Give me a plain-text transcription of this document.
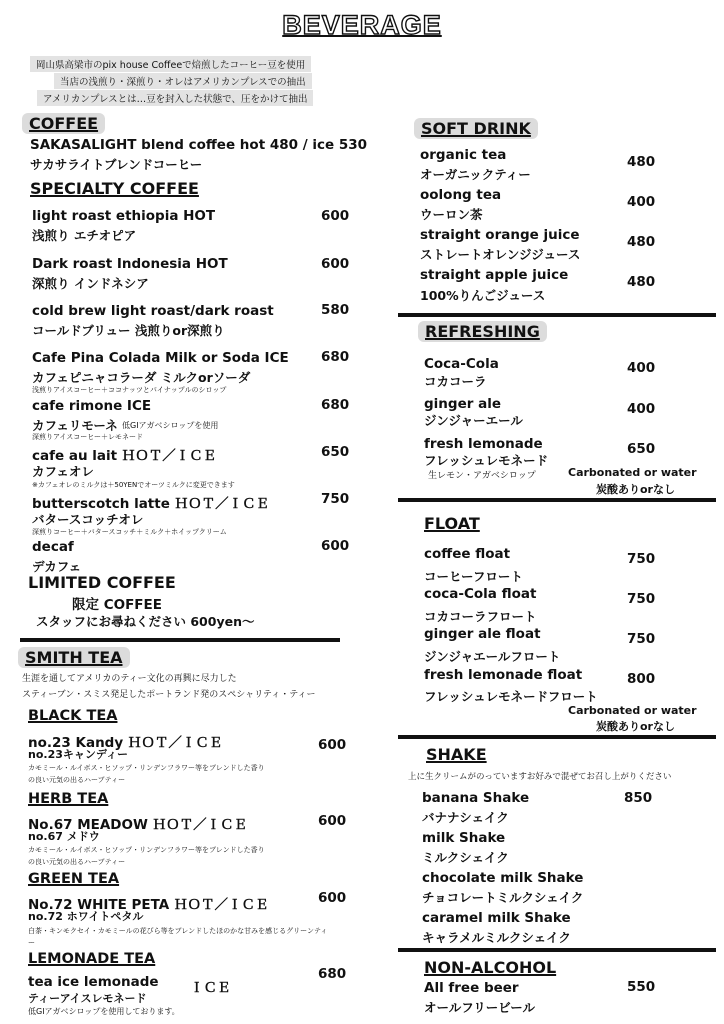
BEVERAGE
岡山県高梁市のpix house Coffeeで焙煎したコーヒー豆を使用
当店の浅煎り・深煎り・オレはアメリカンプレスでの抽出
アメリカンプレスとは…豆を封入した状態で、圧をかけて抽出
COFFEE
SAKASALIGHT blend coffee hot 480 / ice 530
サカサライトブレンドコーヒー
SPECIALTY COFFEE
light roast ethiopia HOT
浅煎り エチオピア
600
Dark roast Indonesia HOT
深煎り インドネシア
600
cold brew light roast/dark roast
コールドブリュー 浅煎りor深煎り
580
Cafe Pina Colada Milk or Soda ICE
カフェピニャコラーダ ミルクorソーダ
浅煎りアイスコーヒー＋ココナッツとパイナップルのシロップ
680
cafe rimone ICE
カフェリモーネ 低GIアガベシロップを使用
深煎りアイスコーヒー＋レモネード
680
cafe au lait ＨＯＴ／ＩＣＥ
カフェオレ
※カフェオレのミルクは＋50YENでオーツミルクに変更できます
650
butterscotch latte ＨＯＴ／ＩＣＥ
バタースコッチオレ
深煎りコーヒー＋バタースコッチ＋ミルク＋ホイップクリーム
750
decaf
デカフェ
600
LIMITED COFFEE
限定 COFFEE
スタッフにお尋ねください 600yen〜
SMITH TEA
生涯を通してアメリカのティー文化の再興に尽力した
スティーブン・スミス発足したポートランド発のスペシャリティ・ティー
BLACK TEA
no.23 Kandy ＨＯＴ／ＩＣＥ
no.23キャンディー
カモミール・ルイボス・ヒソップ・リンデンフラワー等をブレンドした香り
の良い元気の出るハーブティー
600
HERB TEA
No.67 MEADOW ＨＯＴ／ＩＣＥ
no.67 メドウ
カモミール・ルイボス・ヒソップ・リンデンフラワー等をブレンドした香り
の良い元気の出るハーブティー
600
GREEN TEA
No.72 WHITE PETA ＨＯＴ／ＩＣＥ
no.72 ホワイトペタル
白茶・キンモクセイ・カモミールの花びら等をブレンドしたほのかな甘みを感じるグリーンティ
ー
600
LEMONADE TEA
tea ice lemonade ＩＣＥ
ティーアイスレモネード
低GIアガベシロップを使用しております。
680
SOFT DRINK
organic tea
オーガニックティー
480
oolong tea
ウーロン茶
400
straight orange juice
ストレートオレンジジュース
480
straight apple juice
100%りんごジュース
480
REFRESHING
Coca-Cola
コカコーラ
400
ginger ale
ジンジャーエール
400
fresh lemonade
フレッシュレモネード
650
生レモン・アガベシロップ	Carbonated or water
炭酸ありorなし
FLOAT
coffee float
コーヒーフロート
750
coca-Cola float
コカコーラフロート
750
ginger ale float
ジンジャエールフロート
750
fresh lemonade float
フレッシュレモネードフロート
800
Carbonated or water
炭酸ありorなし
SHAKE
上に生クリームがのっていますお好みで混ぜてお召し上がりください
850
banana Shake
バナナシェイク
milk Shake
ミルクシェイク
chocolate milk Shake
チョコレートミルクシェイク
caramel milk Shake
キャラメルミルクシェイク
NON-ALCOHOL
All free beer
オールフリービール
550
